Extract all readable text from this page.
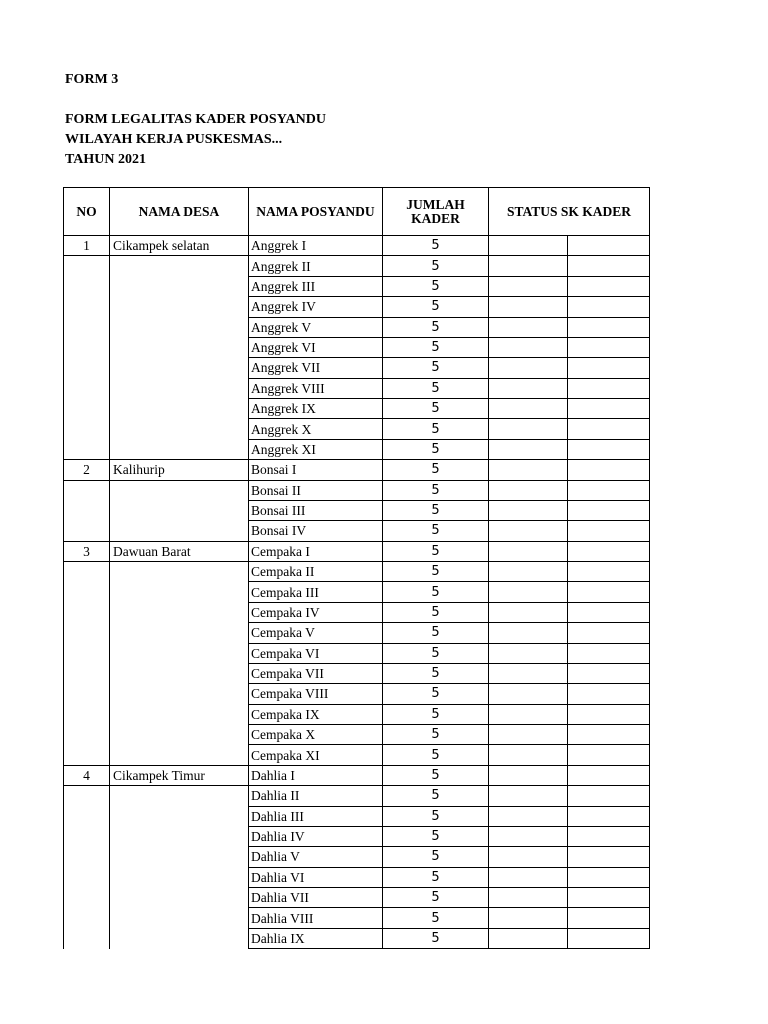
FORM 3
FORM LEGALITAS KADER POSYANDU
WILAYAH KERJA PUSKESMAS...
TAHUN 2021
NO	NAMA DESA	NAMA POSYANDU	JUMLAH KADER	STATUS SK KADER	
1	Cikampek selatan	Anggrek I	5		
		Anggrek II	5		
		Anggrek III	5		
		Anggrek IV	5		
		Anggrek V	5		
		Anggrek VI	5		
		Anggrek VII	5		
		Anggrek VIII	5		
		Anggrek IX	5		
		Anggrek X	5		
		Anggrek XI	5		
2	Kalihurip	Bonsai I	5		
		Bonsai II	5		
		Bonsai III	5		
		Bonsai IV	5		
3	Dawuan Barat	Cempaka I	5		
		Cempaka II	5		
		Cempaka III	5		
		Cempaka IV	5		
		Cempaka V	5		
		Cempaka VI	5		
		Cempaka VII	5		
		Cempaka VIII	5		
		Cempaka IX	5		
		Cempaka X	5		
		Cempaka XI	5		
4	Cikampek Timur	Dahlia I	5		
		Dahlia II	5		
		Dahlia III	5		
		Dahlia IV	5		
		Dahlia V	5		
		Dahlia VI	5		
		Dahlia VII	5		
		Dahlia VIII	5		
		Dahlia IX	5		
